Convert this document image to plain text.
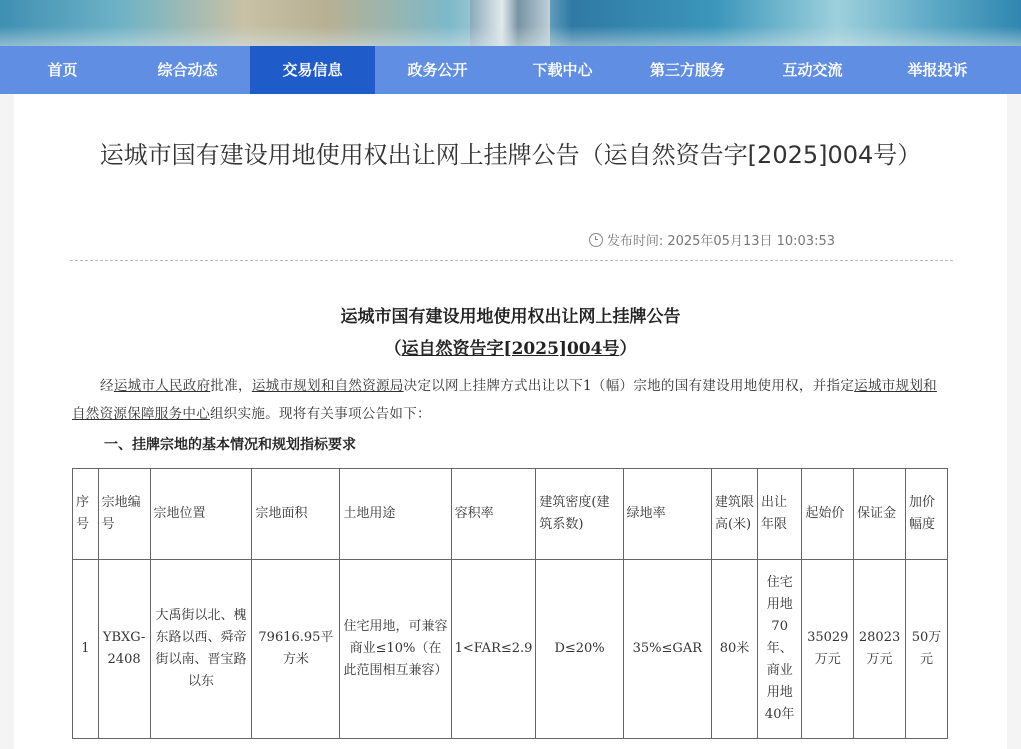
首页	综合动态	交易信息	政务公开	下载中心	第三方服务	互动交流	举报投诉
运城市国有建设用地使用权出让网上挂牌公告（运自然资告字[2025]004号）
发布时间: 2025年05月13日 10:03:53
运城市国有建设用地使用权出让网上挂牌公告
（运自然资告字[2025]004号）
经运城市人民政府批准，运城市规划和自然资源局决定以网上挂牌方式出让以下1（幅）宗地的国有建设用地使用权，并指定运城市规划和自然资源保障服务中心组织实施。现将有关事项公告如下：
一、挂牌宗地的基本情况和规划指标要求
序号	宗地编号	宗地位置	宗地面积	土地用途	容积率	建筑密度(建筑系数)	绿地率	建筑限高(米)	出让年限	起始价	保证金	加价幅度
1	YBXG-2408	大禹街以北、槐东路以西、舜帝街以南、晋宝路以东	79616.95平方米	住宅用地，可兼容商业≤10%（在此范围相互兼容）	1<FAR≤2.9	D≤20%	35%≤GAR	80米	住宅用地70年、商业用地40年	35029万元	28023万元	50万元
